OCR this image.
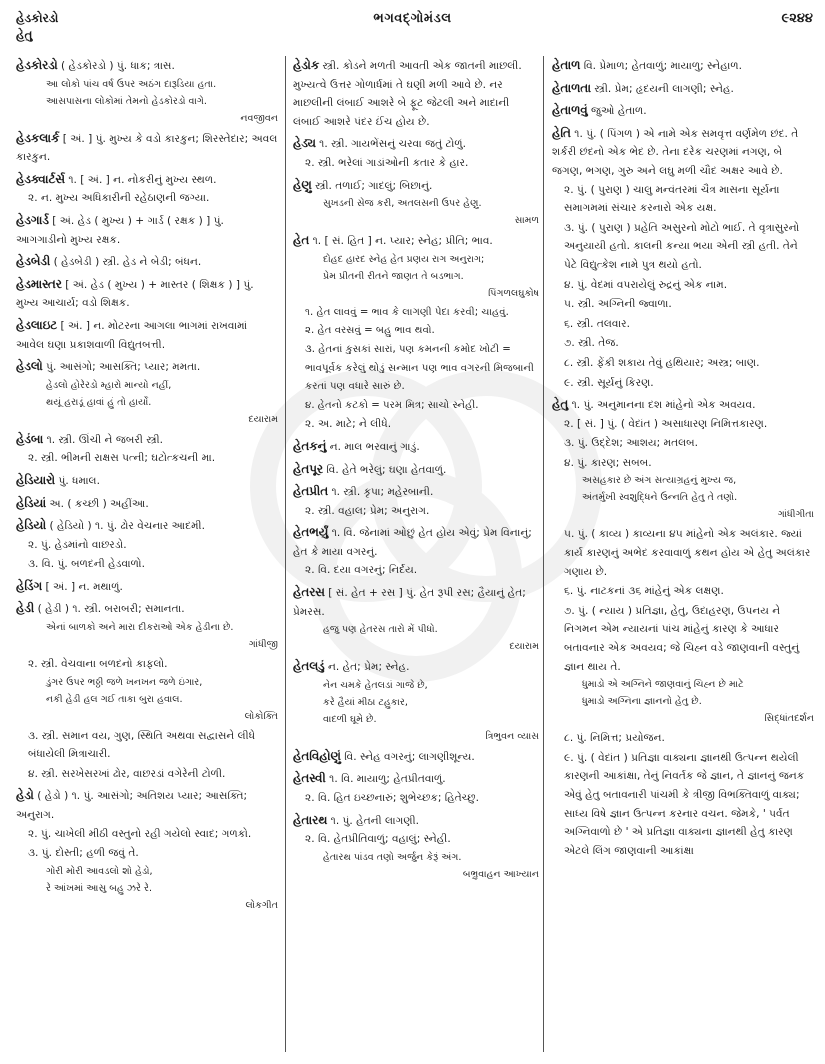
હેડકોરડો
હેતુ
ભગવદ્ગોમંડલ	૯૨૪૪
હેડકોરડો ( હેડકોરડો ) પું. ધાક; ત્રાસ.
આ લોકો પાંચ વર્ષ ઉપર અઠંગ દારૂડિયા હતા.
આસપાસના લોકોમાં તેમનો હેડકોરડો વાગે.
નવજીવન
હેડકલાર્ક [ અં. ] પું. મુખ્ય કે વડો કારકુન; શિરસ્તેદાર; અવલ કારકુન.
હેડક્વાર્ટર્સ ૧. [ અં. ] ન. નોકરીનું મુખ્ય સ્થળ.
૨. ન. મુખ્ય અધિકારીની રહેઠાણની જગ્યા.
હેડગાર્ડ [ અં. હેડ ( મુખ્ય ) + ગાર્ડ ( રક્ષક ) ] પું. આગગાડીનો મુખ્ય રક્ષક.
હેડબેડી ( હેડબેડી ) સ્ત્રી. હેડ ને બેડી; બંધન.
હેડમાસ્તર [ અં. હેડ ( મુખ્ય ) + માસ્તર ( શિક્ષક ) ] પું. મુખ્ય આચાર્ય; વડો શિક્ષક.
હેડલાઇટ [ અં. ] ન. મોટરના આગલા ભાગમાં રાખવામાં આવેલ ઘણા પ્રકાશવાળી વિદ્યુતબત્તી.
હેડલો પું. આસંગો; આસક્તિ; પ્યાર; મમતા.
હેડલો હોરેરડો મ્હારો માન્યો નહીં,
થયૂં હરાડૂં હાવાં હું તો હાર્યો.
દયારામ
હેડંબા ૧. સ્ત્રી. ઊંચી ને જબરી સ્ત્રી.
૨. સ્ત્રી. ભીમની રાક્ષસ પત્ની; ઘટોત્કચની મા.
હેડિયારો પું. ધમાલ.
હેડિયાં અ. ( કચ્છી ) અહીંઆ.
હેડિયો ( હેડિયો ) ૧. પું. ઢોર વેચનાર આદમી.
૨. પું. હેડમાંનો વાછરડો.
૩. વિ. પું. બળદની હેડવાળો.
હેડિંગ [ અં. ] ન. મથાળું.
હેડી ( હેડી ) ૧. સ્ત્રી. બરાબરી; સમાનતા.
એનાં બાળકો અને મારા દીકરાઓ એક હેડીના છે.
ગાંધીજી
૨. સ્ત્રી. વેચવાના બળદનો કાફલો.
ડુંગર ઉપર ભઠ્ઠી જળે ખનખન જળે ઇંગાર,
નકી હેડી હલ ગઈ તાકા બુરા હવાલ.
લોકોક્તિ
૩. સ્ત્રી. સમાન વય, ગુણ, સ્થિતિ અથવા સદ્વાસને લીધે બંધાયેલી મિત્રાચારી.
૪. સ્ત્રી. સરખેસરખાં ઢોર, વાછરડાં વગેરેની ટોળી.
હેડો ( હેડો ) ૧. પું. આસંગો; અતિશય પ્યાર; આસક્તિ; અનુરાગ.
૨. પું. ચાખેલી મીઠી વસ્તુનો રહી ગયેલો સ્વાદ; ગળકો.
૩. પું. દોસ્તી; હળી જવું તે.
ગોરી મોરી આવડલો શો હેડો,
રે આંખમાં આસુ બહુ ઝરે રે.
લોકગીત
હેડોક સ્ત્રી. કોડને મળતી આવતી એક જાતની માછલી. મુખ્યત્વે ઉત્તર ગોળાર્ધમાં તે ઘણી મળી આવે છે. નર માછલીની લંબાઈ આશરે બે ફૂટ જેટલી અને માદાની લંબાઈ આશરે પંદર ઈંચ હોય છે.
હેડ્ય ૧. સ્ત્રી. ગાયભેંસનું ચરવા જતું ટોળું.
૨. સ્ત્રી. ભરેલાં ગાડાંઓની કતાર કે હાર.
હેણુ સ્ત્રી. તળાઈ; ગાદલું; બિછાનું.
સુખડની સેજ કરી, અતલસની ઉપર હેણુ.
સામળ
હેત ૧. [ સં. હિત ] ન. પ્યાર; સ્નેહ; પ્રીતિ; ભાવ.
દોહદ હારદ સ્નેહ હેત પ્રણય રાગ અનુરાગ;
પ્રેમ પ્રીતની રીતને જાણત તે બડભાગ.
પિંગળલઘુકોષ
૧. હેત લાવવું = ભાવ કે લાગણી પેદા કરવી; ચાહવું.
૨. હેત વરસવું = બહુ ભાવ થવો.
૩. હેતનાં કુસકાં સારાં, પણ કમનની કમોદ ખોટી = ભાવપૂર્વક કરેલું થોડું સન્માન પણ ભાવ વગરની મિજબાની કરતાં પણ વધારે સારું છે.
૪. હેતનો કટકો = પરમ મિત્ર; સાચો સ્નેહી.
૨. અ. માટે; ને લીધે.
હેતકનું ન. માલ ભરવાનું ગાડું.
હેતપૂર વિ. હેતે ભરેલું; ઘણા હેતવાળું.
હેતપ્રીત ૧. સ્ત્રી. કૃપા; મહેરબાની.
૨. સ્ત્રી. વહાલ; પ્રેમ; અનુરાગ.
હેતભર્યું ૧. વિ. જેનામાં ઓછું હેત હોય એવું; પ્રેમ વિનાનું; હેત કે માયા વગરનું.
૨. વિ. દયા વગરનું; નિર્દય.
હેતરસ [ સં. હેત + રસ ] પું. હેત રૂપી રસ; હૈયાનું હેત; પ્રેમરસ.
હજુ પણ હેતરસ તારો મેં પીધો.
દયારામ
હેતલડું ન. હેત; પ્રેમ; સ્નેહ.
નેન ચમકે હેતલડાં ગાજે છે,
કરે હૈયાં મીઠા ટહુકાર,
વાદળી ઘૂમે છે.
ત્રિભુવન વ્યાસ
હેતવિહોણું વિ. સ્નેહ વગરનું; લાગણીશૂન્ય.
હેતસ્વી ૧. વિ. માયાળુ; હેતપ્રીતવાળું.
૨. વિ. હિત ઇચ્છનારું; શુભેચ્છક; હિતેચ્છુ.
હેતારથ ૧. પું. હેતની લાગણી.
૨. વિ. હેતપ્રીતિવાળું; વહાલું; સ્નેહી.
હેતારથ પાંડવ તણો અર્જુન કેરૂં અંગ.
બભ્રુવાહન આખ્યાન
હેતાળ વિ. પ્રેમાળ; હેતવાળું; માયાળુ; સ્નેહાળ.
હેતાળતા સ્ત્રી. પ્રેમ; હૃદયની લાગણી; સ્નેહ.
હેતાળવું જુઓ હેતાળ.
હેતિ ૧. પું. ( પિંગળ ) એ નામે એક સમવૃત્ત વર્ણમેળ છંદ. તે શર્કરી છંદનો એક ભેદ છે. તેના દરેક ચરણમાં નગણ, બે જગણ, ભગણ, ગુરુ અને લઘુ મળી ચૌદ અક્ષર આવે છે.
૨. પું. ( પુરાણ ) ચાલુ મન્વંતરમાં ચૈત્ર માસના સૂર્યના સમાગમમાં સંચાર કરનારો એક યક્ષ.
૩. પું. ( પુરાણ ) પ્રહેતિ અસુરનો મોટો ભાઈ. તે વૃત્રાસુરનો અનુયાયી હતો. કાલની કન્યા ભયા એની સ્ત્રી હતી. તેને પેટે વિદ્યુત્કેશ નામે પુત્ર થયો હતો.
૪. પું. વેદમાં વપરાયેલું રુદ્રનું એક નામ.
૫. સ્ત્રી. અગ્નિની જ્વાળા.
૬. સ્ત્રી. તલવાર.
૭. સ્ત્રી. તેજ.
૮. સ્ત્રી. ફેંકી શકાય તેવું હથિયાર; અસ્ત્ર; બાણ.
૯. સ્ત્રી. સૂર્યનું કિરણ.
હેતુ ૧. પું. અનુમાનના દશ માંહેનો એક અવયવ.
૨. [ સં. ] પું. ( વેદાંત ) અસાધારણ નિમિત્તકારણ.
૩. પું. ઉદ્દેશ; આશય; મતલબ.
૪. પું. કારણ; સબબ.
અસહકાર છે અંગ સત્યાગ્રહનું મુખ્ય જ,
અંતર્મુખી સ્વશુદ્ધિને ઉન્નતિ હેતુ તે તણો.
ગાંધીગીતા
૫. પું. ( કાવ્ય ) કાવ્યના ૪૫ માંહેનો એક અલંકાર. જ્યાં કાર્ય કારણનું અભેદ કરવાવાળું કથન હોય એ હેતુ અલંકાર ગણાય છે.
૬. પું. નાટકનાં ૩૬ માંહેનું એક લક્ષણ.
૭. પું. ( ન્યાય ) પ્રતિજ્ઞા, હેતુ, ઉદાહરણ, ઉપનય ને નિગમન એમ ન્યાયનાં પાંચ માંહેનું કારણ કે આધાર બતાવનાર એક અવયવ; જે ચિહ્ન વડે જાણવાની વસ્તુનું જ્ઞાન થાય તે.
ધુમાડો એ અગ્નિને જાણવાનું ચિહ્ન છે માટે
ધુમાડો અગ્નિના જ્ઞાનનો હેતુ છે.
સિદ્ધાંતદર્શન
૮. પું. નિમિત્ત; પ્રયોજન.
૯. પું. ( વેદાંત ) પ્રતિજ્ઞા વાક્યના જ્ઞાનથી ઉત્પન્ન થયેલી કારણની આકાંક્ષા, તેનું નિવર્તક જે જ્ઞાન, તે જ્ઞાનનું જનક એવું હેતુ બતાવનારી પાંચમી કે ત્રીજી વિભક્તિવાળું વાક્ય; સાધ્ય વિષે જ્ઞાન ઉત્પન્ન કરનાર વચન. જેમકે, ' પર્વત અગ્નિવાળો છે ' એ પ્રતિજ્ઞા વાક્યના જ્ઞાનથી હેતુ કારણ એટલે લિંગ જાણવાની આકાંક્ષા
